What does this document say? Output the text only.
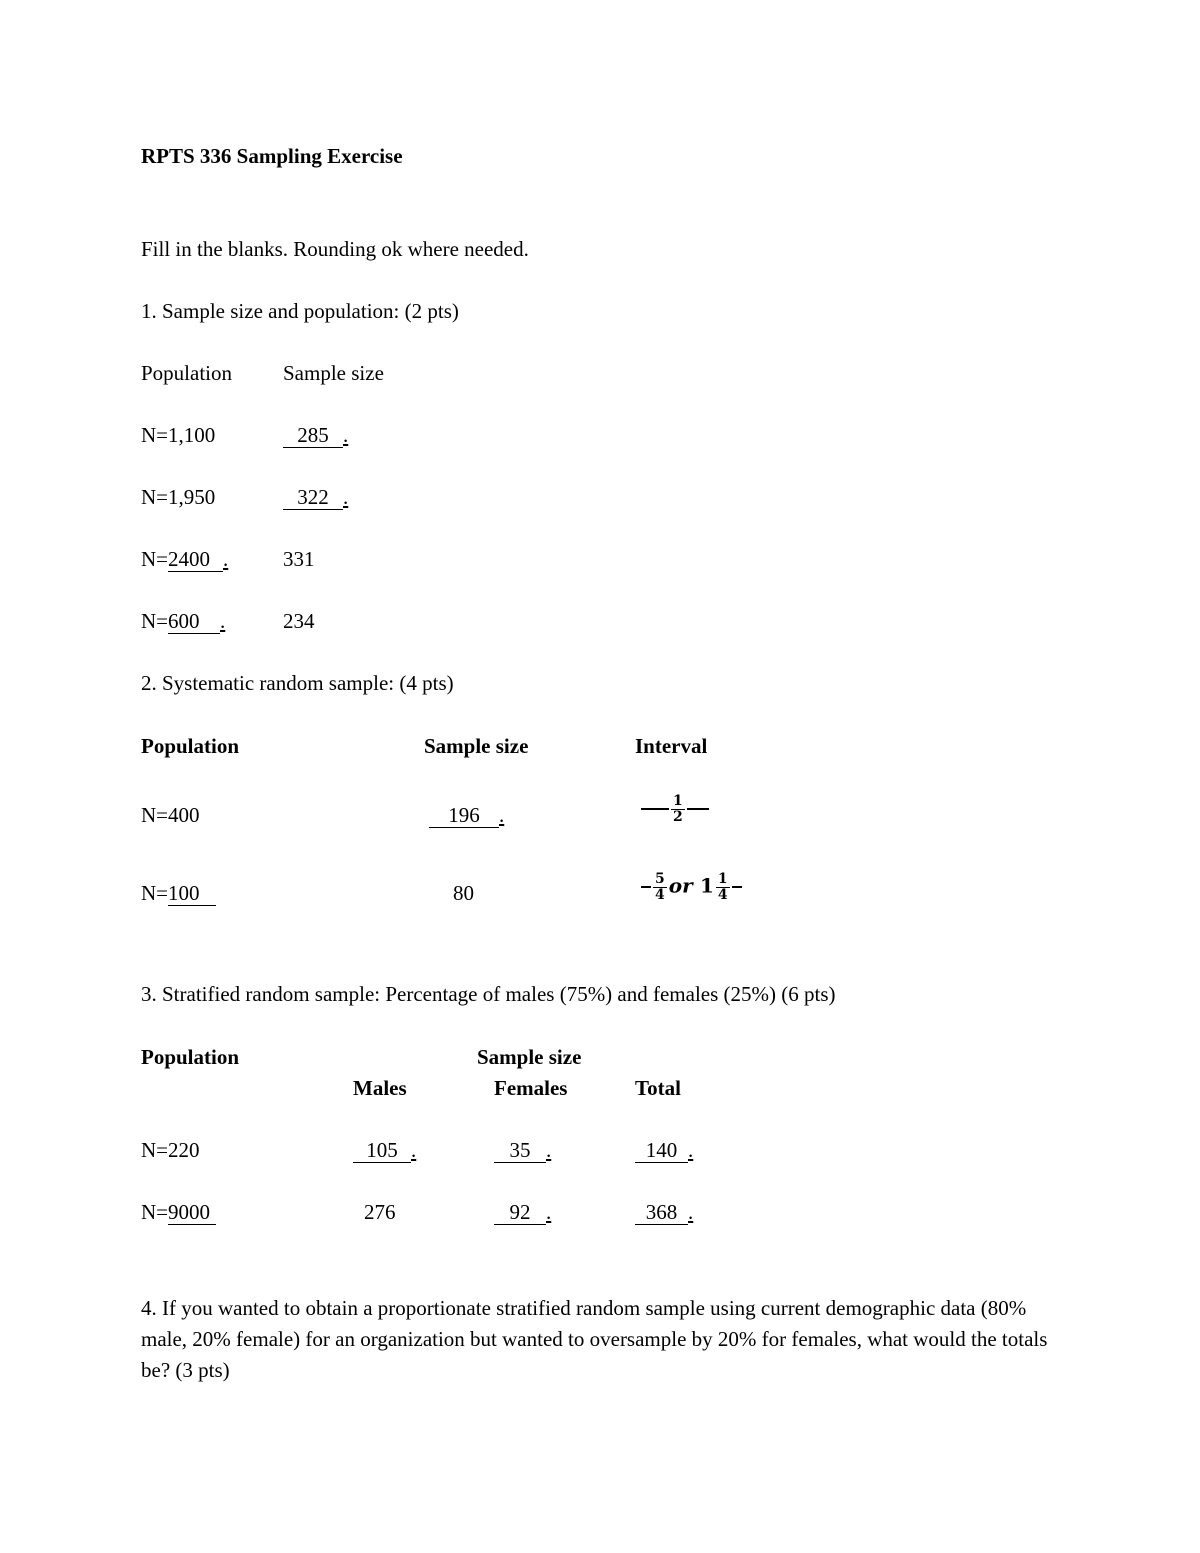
RPTS 336 Sampling Exercise
Fill in the blanks. Rounding ok where needed.
1. Sample size and population: (2 pts)
Population Sample size
N=1,100	285 .
N=1,950	322 .
N=2400 .	331
N=600 .	234
2. Systematic random sample: (4 pts)
Population	Sample size	Interval
N=400	196 .	$\frac{1}{2}$
N=100	80	$\frac{5}{4}$ or $1 \frac{1}{4}$
3. Stratified random sample: Percentage of males (75%) and females (25%) (6 pts)
Population	Sample size
Males	Females	Total
N=220	105 .	35 .	140 .
N=9000	276	92 .	368 .
4. If you wanted to obtain a proportionate stratified random sample using current demographic data (80% male, 20% female) for an organization but wanted to oversample by 20% for females, what would the totals be? (3 pts)
